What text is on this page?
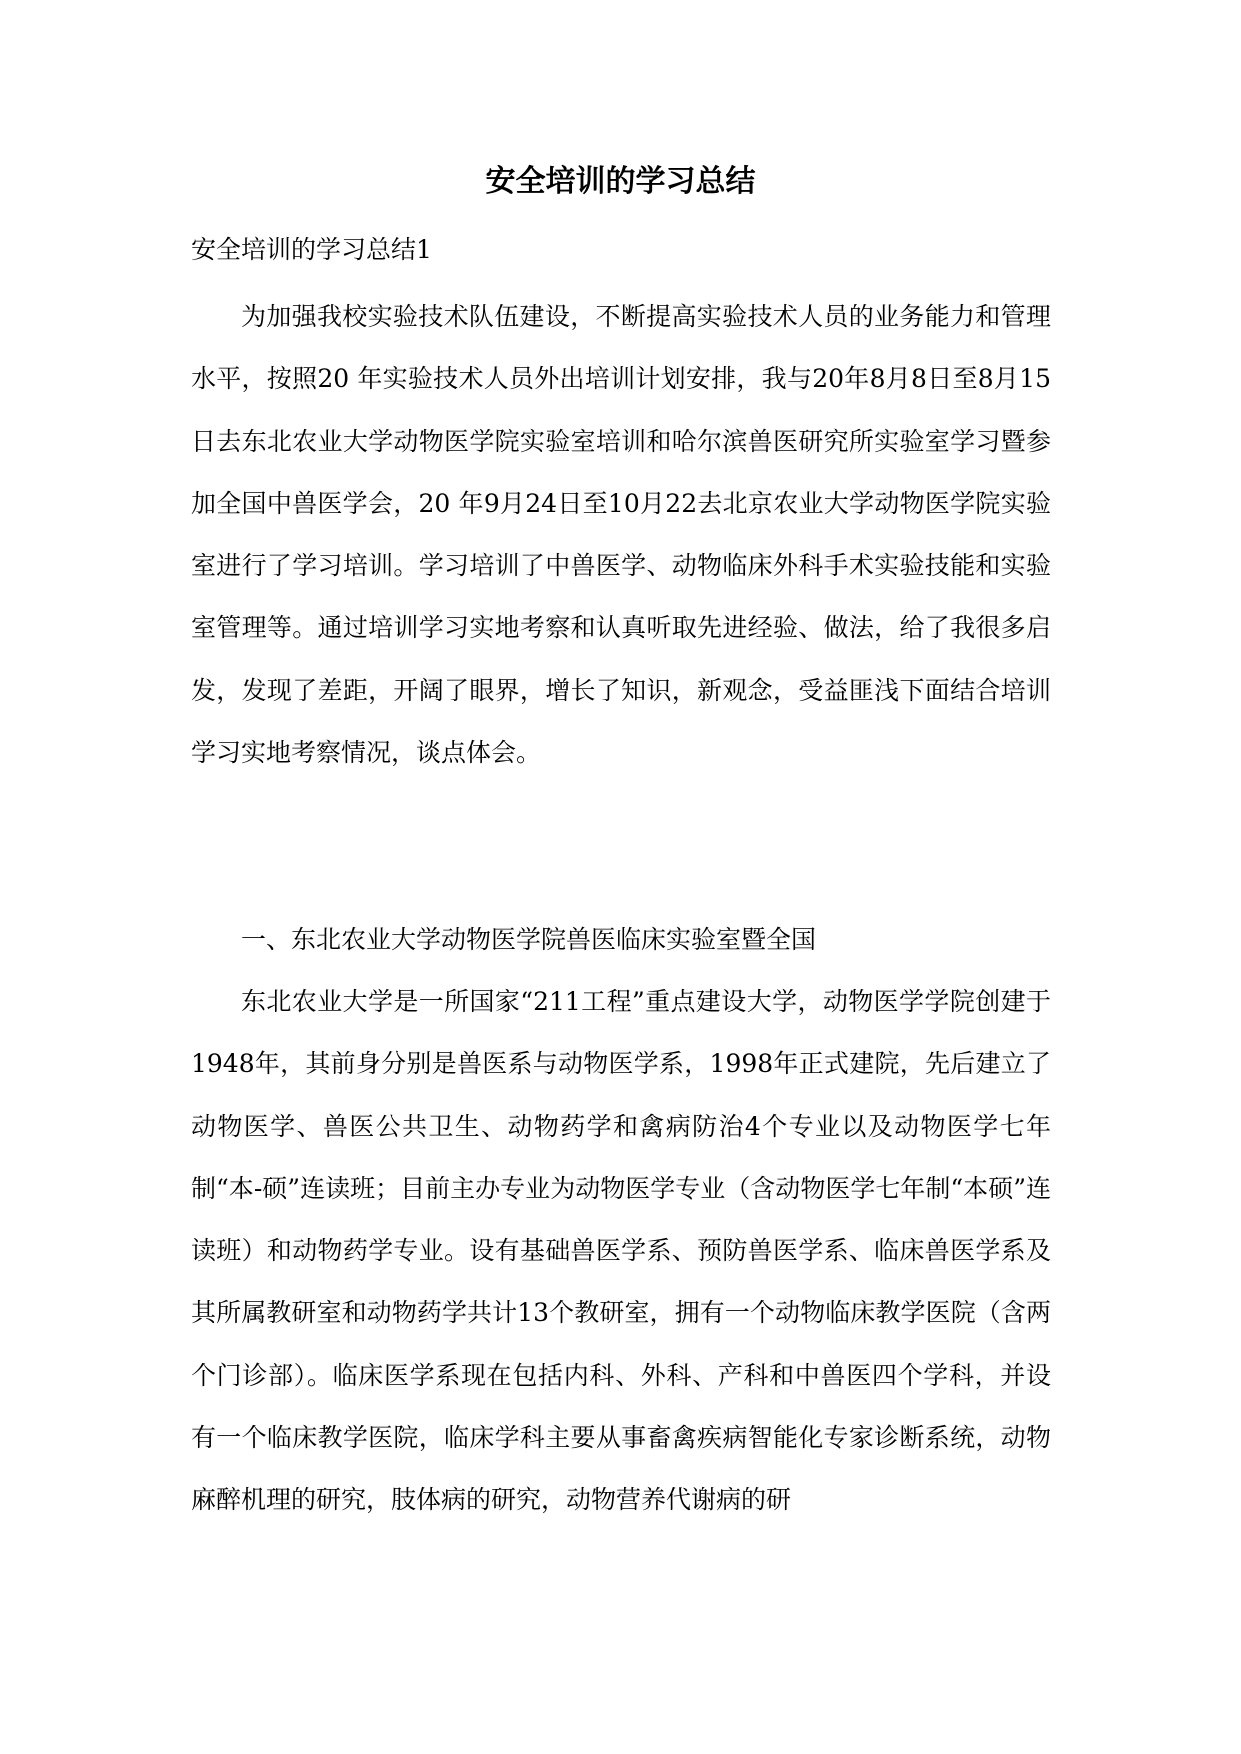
安全培训的学习总结

安全培训的学习总结1

为加强我校实验技术队伍建设，不断提高实验技术人员的业务能力和管理水平，按照20 年实验技术人员外出培训计划安排，我与20年8月8日至8月15日去东北农业大学动物医学院实验室培训和哈尔滨兽医研究所实验室学习暨参加全国中兽医学会，20 年9月24日至10月22去北京农业大学动物医学院实验室进行了学习培训。学习培训了中兽医学、动物临床外科手术实验技能和实验室管理等。通过培训学习实地考察和认真听取先进经验、做法，给了我很多启发，发现了差距，开阔了眼界，增长了知识，新观念，受益匪浅下面结合培训学习实地考察情况，谈点体会。

一、东北农业大学动物医学院兽医临床实验室暨全国

东北农业大学是一所国家“211工程”重点建设大学，动物医学学院创建于1948年，其前身分别是兽医系与动物医学系，1998年正式建院，先后建立了动物医学、兽医公共卫生、动物药学和禽病防治4个专业以及动物医学七年制“本-硕”连读班；目前主办专业为动物医学专业（含动物医学七年制“本硕”连读班）和动物药学专业。设有基础兽医学系、预防兽医学系、临床兽医学系及其所属教研室和动物药学共计13个教研室，拥有一个动物临床教学医院（含两个门诊部）。临床医学系现在包括内科、外科、产科和中兽医四个学科，并设有一个临床教学医院，临床学科主要从事畜禽疾病智能化专家诊断系统，动物麻醉机理的研究，肢体病的研究，动物营养代谢病的研
